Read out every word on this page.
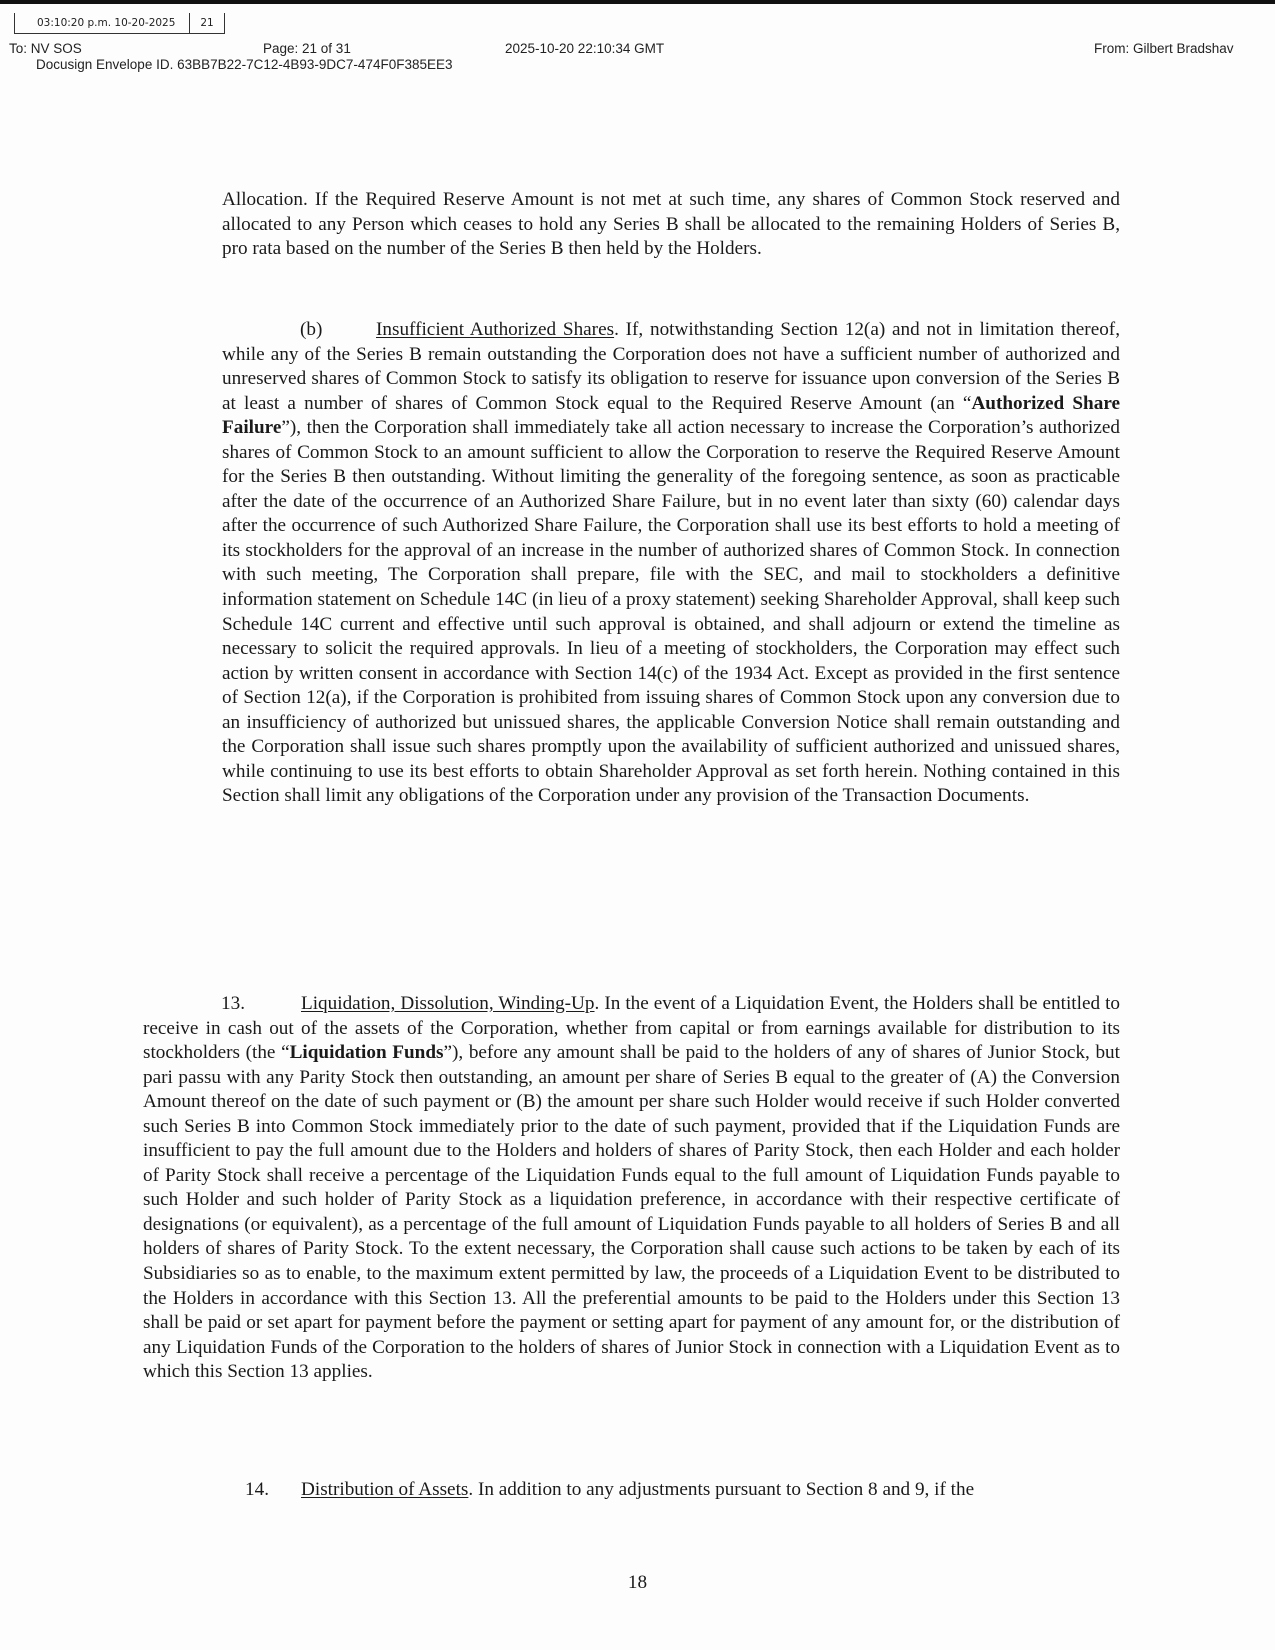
03:10:20 p.m. 10-20-2025	21
To: NV SOS	Page: 21 of 31	2025-10-20 22:10:34 GMT	From: Gilbert Bradshav
Docusign Envelope ID. 63BB7B22-7C12-4B93-9DC7-474F0F385EE3

Allocation. If the Required Reserve Amount is not met at such time, any shares of Common Stock reserved and allocated to any Person which ceases to hold any Series B shall be allocated to the remaining Holders of Series B, pro rata based on the number of the Series B then held by the Holders.

(b)	Insufficient Authorized Shares. If, notwithstanding Section 12(a) and not in limitation thereof, while any of the Series B remain outstanding the Corporation does not have a sufficient number of authorized and unreserved shares of Common Stock to satisfy its obligation to reserve for issuance upon conversion of the Series B at least a number of shares of Common Stock equal to the Required Reserve Amount (an “Authorized Share Failure”), then the Corporation shall immediately take all action necessary to increase the Corporation’s authorized shares of Common Stock to an amount sufficient to allow the Corporation to reserve the Required Reserve Amount for the Series B then outstanding. Without limiting the generality of the foregoing sentence, as soon as practicable after the date of the occurrence of an Authorized Share Failure, but in no event later than sixty (60) calendar days after the occurrence of such Authorized Share Failure, the Corporation shall use its best efforts to hold a meeting of its stockholders for the approval of an increase in the number of authorized shares of Common Stock. In connection with such meeting, The Corporation shall prepare, file with the SEC, and mail to stockholders a definitive information statement on Schedule 14C (in lieu of a proxy statement) seeking Shareholder Approval, shall keep such Schedule 14C current and effective until such approval is obtained, and shall adjourn or extend the timeline as necessary to solicit the required approvals. In lieu of a meeting of stockholders, the Corporation may effect such action by written consent in accordance with Section 14(c) of the 1934 Act. Except as provided in the first sentence of Section 12(a), if the Corporation is prohibited from issuing shares of Common Stock upon any conversion due to an insufficiency of authorized but unissued shares, the applicable Conversion Notice shall remain outstanding and the Corporation shall issue such shares promptly upon the availability of sufficient authorized and unissued shares, while continuing to use its best efforts to obtain Shareholder Approval as set forth herein. Nothing contained in this Section shall limit any obligations of the Corporation under any provision of the Transaction Documents.

13.	Liquidation, Dissolution, Winding-Up. In the event of a Liquidation Event, the Holders shall be entitled to receive in cash out of the assets of the Corporation, whether from capital or from earnings available for distribution to its stockholders (the “Liquidation Funds”), before any amount shall be paid to the holders of any of shares of Junior Stock, but pari passu with any Parity Stock then outstanding, an amount per share of Series B equal to the greater of (A) the Conversion Amount thereof on the date of such payment or (B) the amount per share such Holder would receive if such Holder converted such Series B into Common Stock immediately prior to the date of such payment, provided that if the Liquidation Funds are insufficient to pay the full amount due to the Holders and holders of shares of Parity Stock, then each Holder and each holder of Parity Stock shall receive a percentage of the Liquidation Funds equal to the full amount of Liquidation Funds payable to such Holder and such holder of Parity Stock as a liquidation preference, in accordance with their respective certificate of designations (or equivalent), as a percentage of the full amount of Liquidation Funds payable to all holders of Series B and all holders of shares of Parity Stock. To the extent necessary, the Corporation shall cause such actions to be taken by each of its Subsidiaries so as to enable, to the maximum extent permitted by law, the proceeds of a Liquidation Event to be distributed to the Holders in accordance with this Section 13. All the preferential amounts to be paid to the Holders under this Section 13 shall be paid or set apart for payment before the payment or setting apart for payment of any amount for, or the distribution of any Liquidation Funds of the Corporation to the holders of shares of Junior Stock in connection with a Liquidation Event as to which this Section 13 applies.

14. Distribution of Assets. In addition to any adjustments pursuant to Section 8 and 9, if the

18
